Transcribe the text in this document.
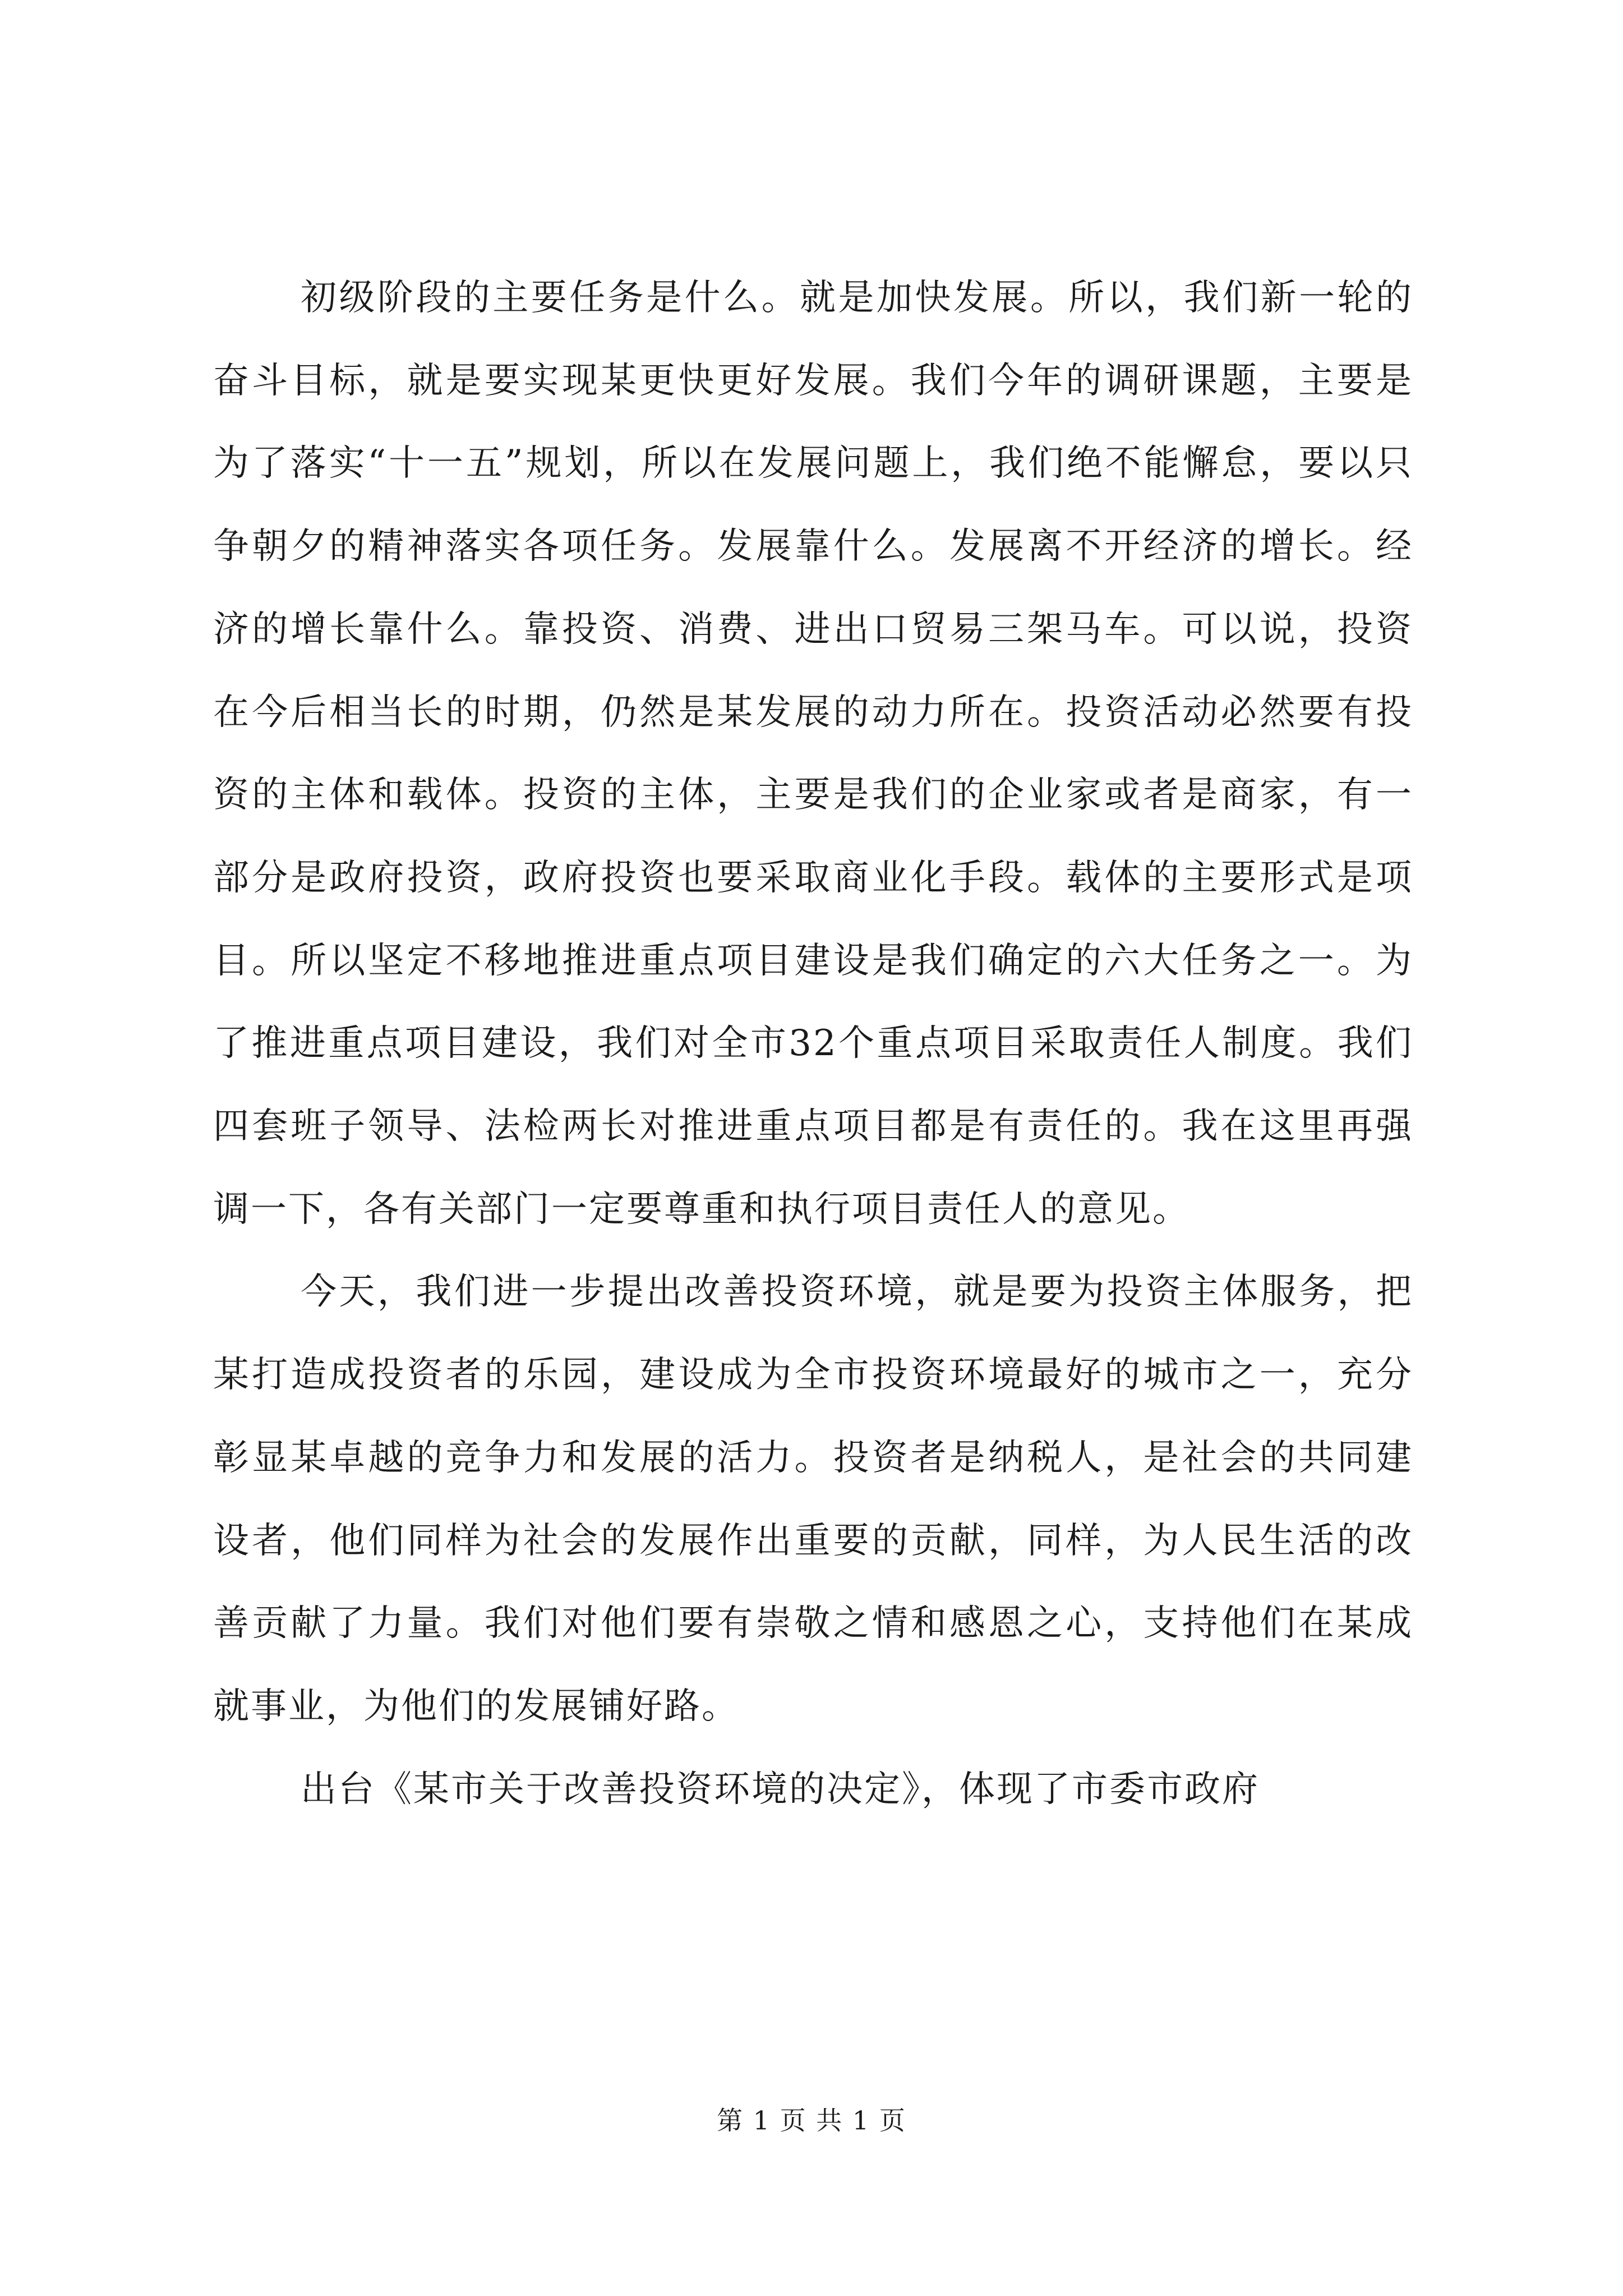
初级阶段的主要任务是什么。就是加快发展。所以，我们新一轮的奋斗目标，就是要实现某更快更好发展。我们今年的调研课题，主要是为了落实“十一五”规划，所以在发展问题上，我们绝不能懈怠，要以只争朝夕的精神落实各项任务。发展靠什么。发展离不开经济的增长。经济的增长靠什么。靠投资、消费、进出口贸易三架马车。可以说，投资在今后相当长的时期，仍然是某发展的动力所在。投资活动必然要有投资的主体和载体。投资的主体，主要是我们的企业家或者是商家，有一部分是政府投资，政府投资也要采取商业化手段。载体的主要形式是项目。所以坚定不移地推进重点项目建设是我们确定的六大任务之一。为了推进重点项目建设，我们对全市32个重点项目采取责任人制度。我们四套班子领导、法检两长对推进重点项目都是有责任的。我在这里再强调一下，各有关部门一定要尊重和执行项目责任人的意见。

今天，我们进一步提出改善投资环境，就是要为投资主体服务，把某打造成投资者的乐园，建设成为全市投资环境最好的城市之一，充分彰显某卓越的竞争力和发展的活力。投资者是纳税人，是社会的共同建设者，他们同样为社会的发展作出重要的贡献，同样，为人民生活的改善贡献了力量。我们对他们要有崇敬之情和感恩之心，支持他们在某成就事业，为他们的发展铺好路。

出台《某市关于改善投资环境的决定》，体现了市委市政府

第 1 页 共 1 页
